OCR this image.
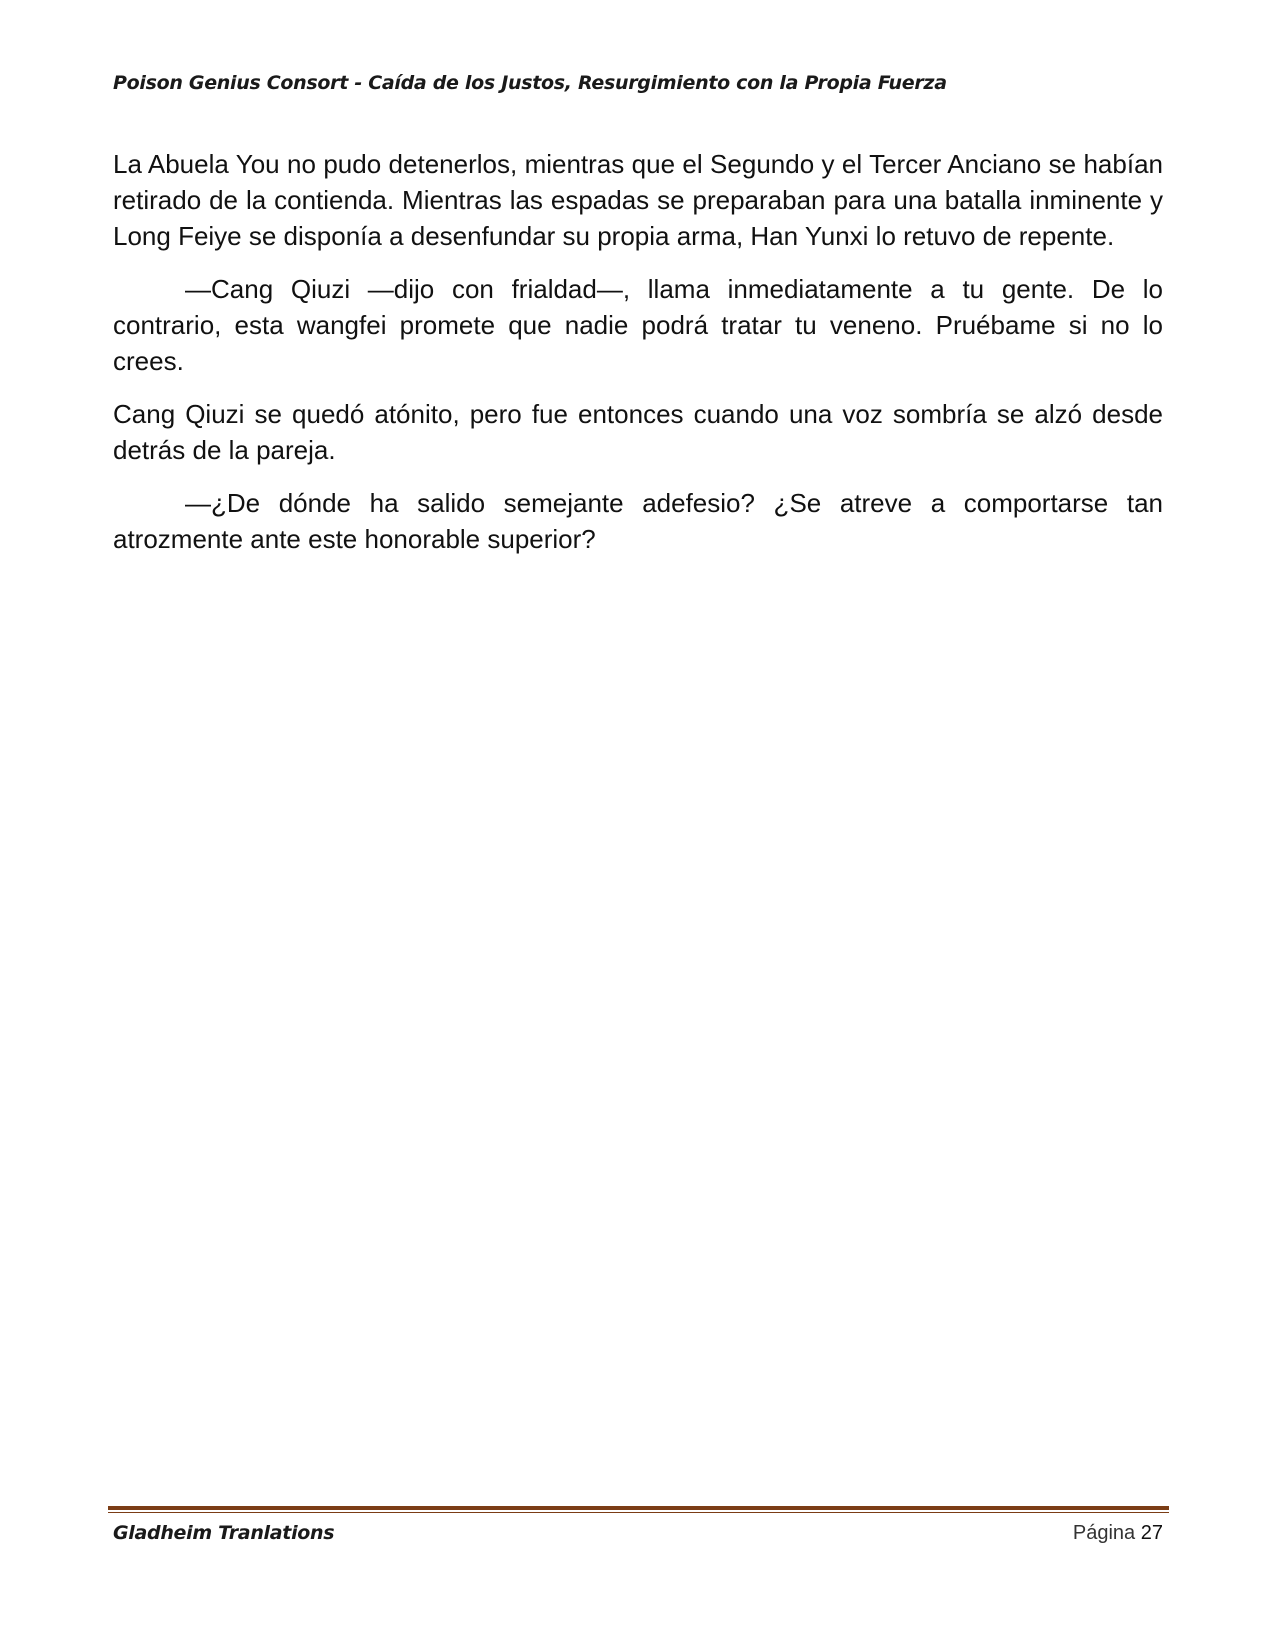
Poison Genius Consort - Caída de los Justos, Resurgimiento con la Propia Fuerza

La Abuela You no pudo detenerlos, mientras que el Segundo y el Tercer Anciano se habían retirado de la contienda. Mientras las espadas se preparaban para una batalla inminente y Long Feiye se disponía a desenfundar su propia arma, Han Yunxi lo retuvo de repente.

—Cang Qiuzi —dijo con frialdad—, llama inmediatamente a tu gente. De lo contrario, esta wangfei promete que nadie podrá tratar tu veneno. Pruébame si no lo crees.

Cang Qiuzi se quedó atónito, pero fue entonces cuando una voz sombría se alzó desde detrás de la pareja.

—¿De dónde ha salido semejante adefesio? ¿Se atreve a comportarse tan atrozmente ante este honorable superior?

Gladheim Tranlations	Página 27
